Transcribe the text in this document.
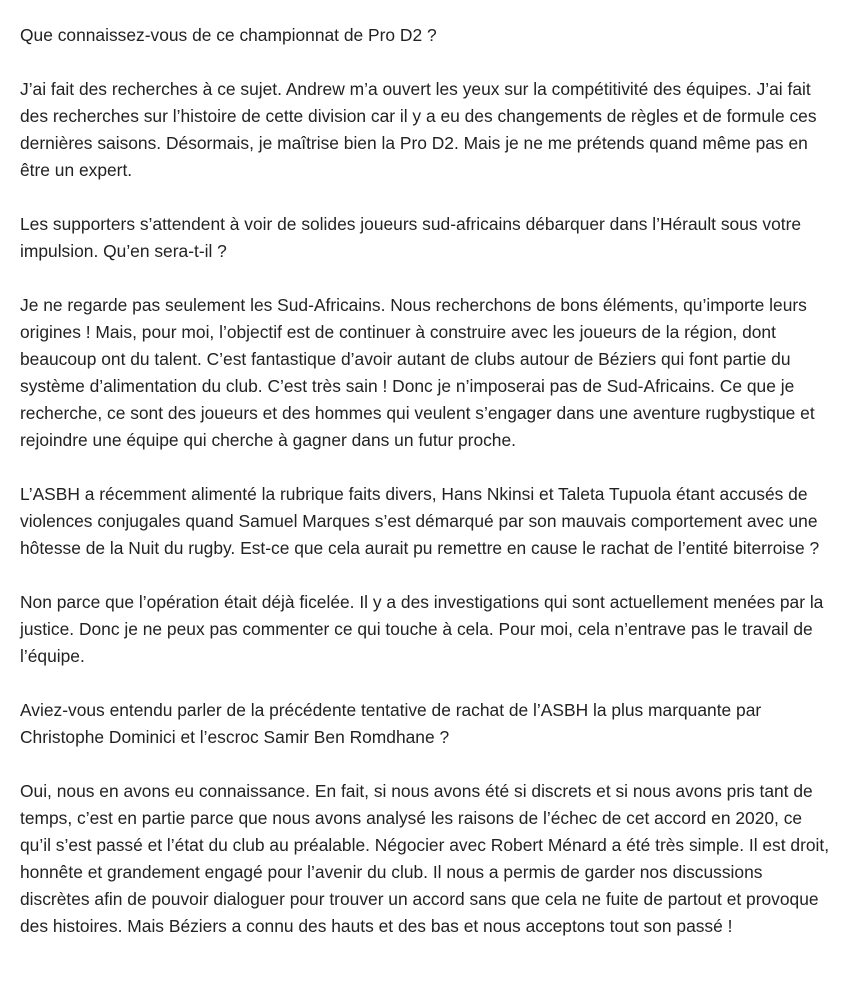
Que connaissez-vous de ce championnat de Pro D2 ?

J’ai fait des recherches à ce sujet. Andrew m’a ouvert les yeux sur la compétitivité des équipes. J’ai fait des recherches sur l’histoire de cette division car il y a eu des changements de règles et de formule ces dernières saisons. Désormais, je maîtrise bien la Pro D2. Mais je ne me prétends quand même pas en être un expert.

Les supporters s’attendent à voir de solides joueurs sud-africains débarquer dans l’Hérault sous votre impulsion. Qu’en sera-t-il ?

Je ne regarde pas seulement les Sud-Africains. Nous recherchons de bons éléments, qu’importe leurs origines ! Mais, pour moi, l’objectif est de continuer à construire avec les joueurs de la région, dont beaucoup ont du talent. C’est fantastique d’avoir autant de clubs autour de Béziers qui font partie du système d’alimentation du club. C’est très sain ! Donc je n’imposerai pas de Sud-Africains. Ce que je recherche, ce sont des joueurs et des hommes qui veulent s’engager dans une aventure rugbystique et rejoindre une équipe qui cherche à gagner dans un futur proche.

L’ASBH a récemment alimenté la rubrique faits divers, Hans Nkinsi et Taleta Tupuola étant accusés de violences conjugales quand Samuel Marques s’est démarqué par son mauvais comportement avec une hôtesse de la Nuit du rugby. Est-ce que cela aurait pu remettre en cause le rachat de l’entité biterroise ?

Non parce que l’opération était déjà ficelée. Il y a des investigations qui sont actuellement menées par la justice. Donc je ne peux pas commenter ce qui touche à cela. Pour moi, cela n’entrave pas le travail de l’équipe.

Aviez-vous entendu parler de la précédente tentative de rachat de l’ASBH la plus marquante par Christophe Dominici et l’escroc Samir Ben Romdhane ?

Oui, nous en avons eu connaissance. En fait, si nous avons été si discrets et si nous avons pris tant de temps, c’est en partie parce que nous avons analysé les raisons de l’échec de cet accord en 2020, ce qu’il s’est passé et l’état du club au préalable. Négocier avec Robert Ménard a été très simple. Il est droit, honnête et grandement engagé pour l’avenir du club. Il nous a permis de garder nos discussions discrètes afin de pouvoir dialoguer pour trouver un accord sans que cela ne fuite de partout et provoque des histoires. Mais Béziers a connu des hauts et des bas et nous acceptons tout son passé !
